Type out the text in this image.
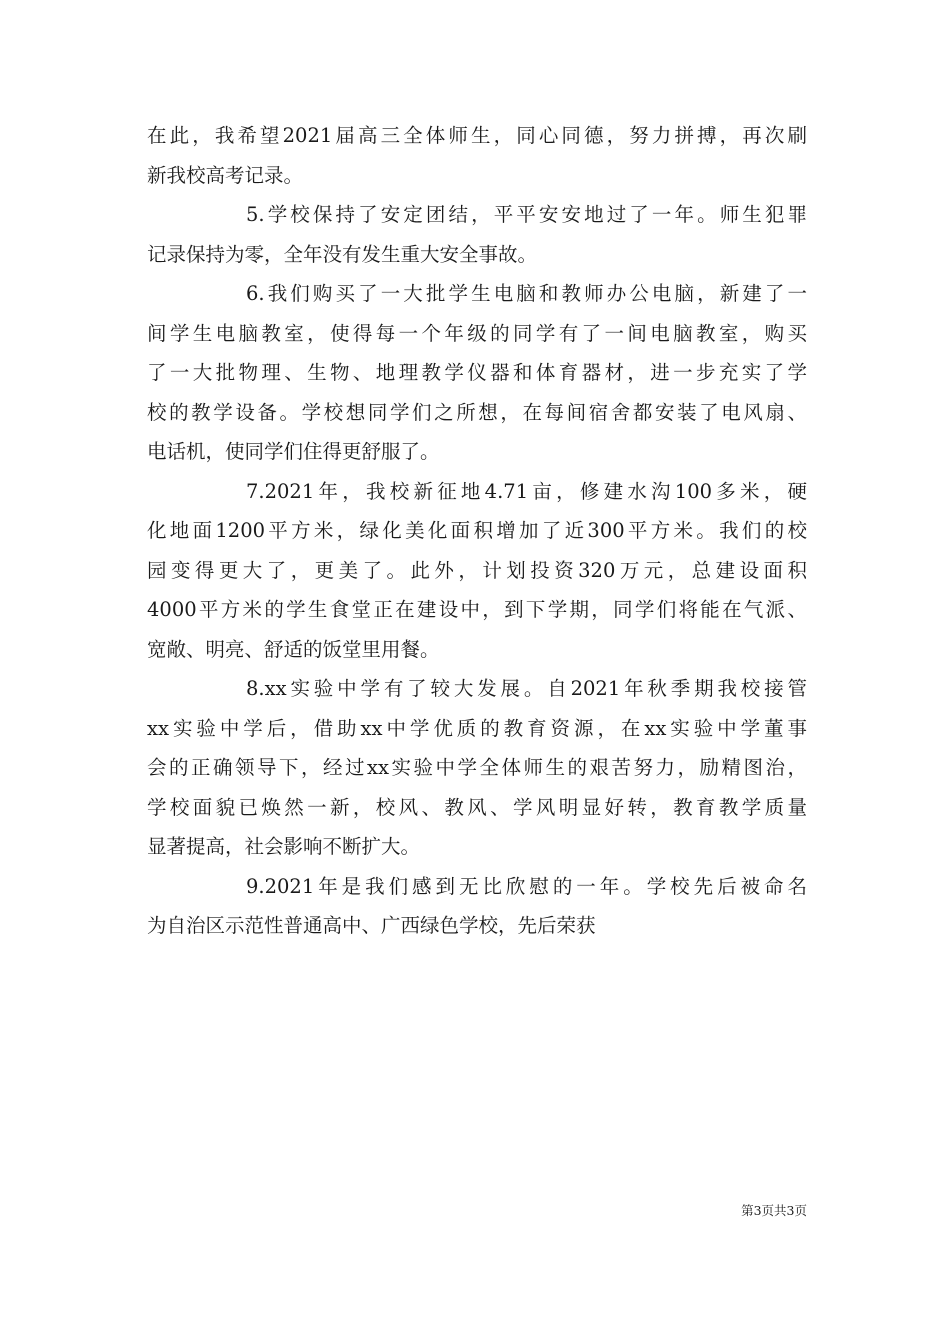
在此，我希望2021届高三全体师生，同心同德，努力拼搏，再次刷
新我校高考记录。
5.学校保持了安定团结，平平安安地过了一年。师生犯罪
记录保持为零，全年没有发生重大安全事故。
6.我们购买了一大批学生电脑和教师办公电脑，新建了一
间学生电脑教室，使得每一个年级的同学有了一间电脑教室，购买
了一大批物理、生物、地理教学仪器和体育器材，进一步充实了学
校的教学设备。学校想同学们之所想，在每间宿舍都安装了电风扇、
电话机，使同学们住得更舒服了。
7.2021年，我校新征地4.71亩，修建水沟100多米，硬
化地面1200平方米，绿化美化面积增加了近300平方米。我们的校
园变得更大了，更美了。此外，计划投资320万元，总建设面积
4000平方米的学生食堂正在建设中，到下学期，同学们将能在气派、
宽敞、明亮、舒适的饭堂里用餐。
8.xx实验中学有了较大发展。自2021年秋季期我校接管
xx实验中学后，借助xx中学优质的教育资源，在xx实验中学董事
会的正确领导下，经过xx实验中学全体师生的艰苦努力，励精图治，
学校面貌已焕然一新，校风、教风、学风明显好转，教育教学质量
显著提高，社会影响不断扩大。
9.2021年是我们感到无比欣慰的一年。学校先后被命名
为自治区示范性普通高中、广西绿色学校，先后荣获
第3页共3页
